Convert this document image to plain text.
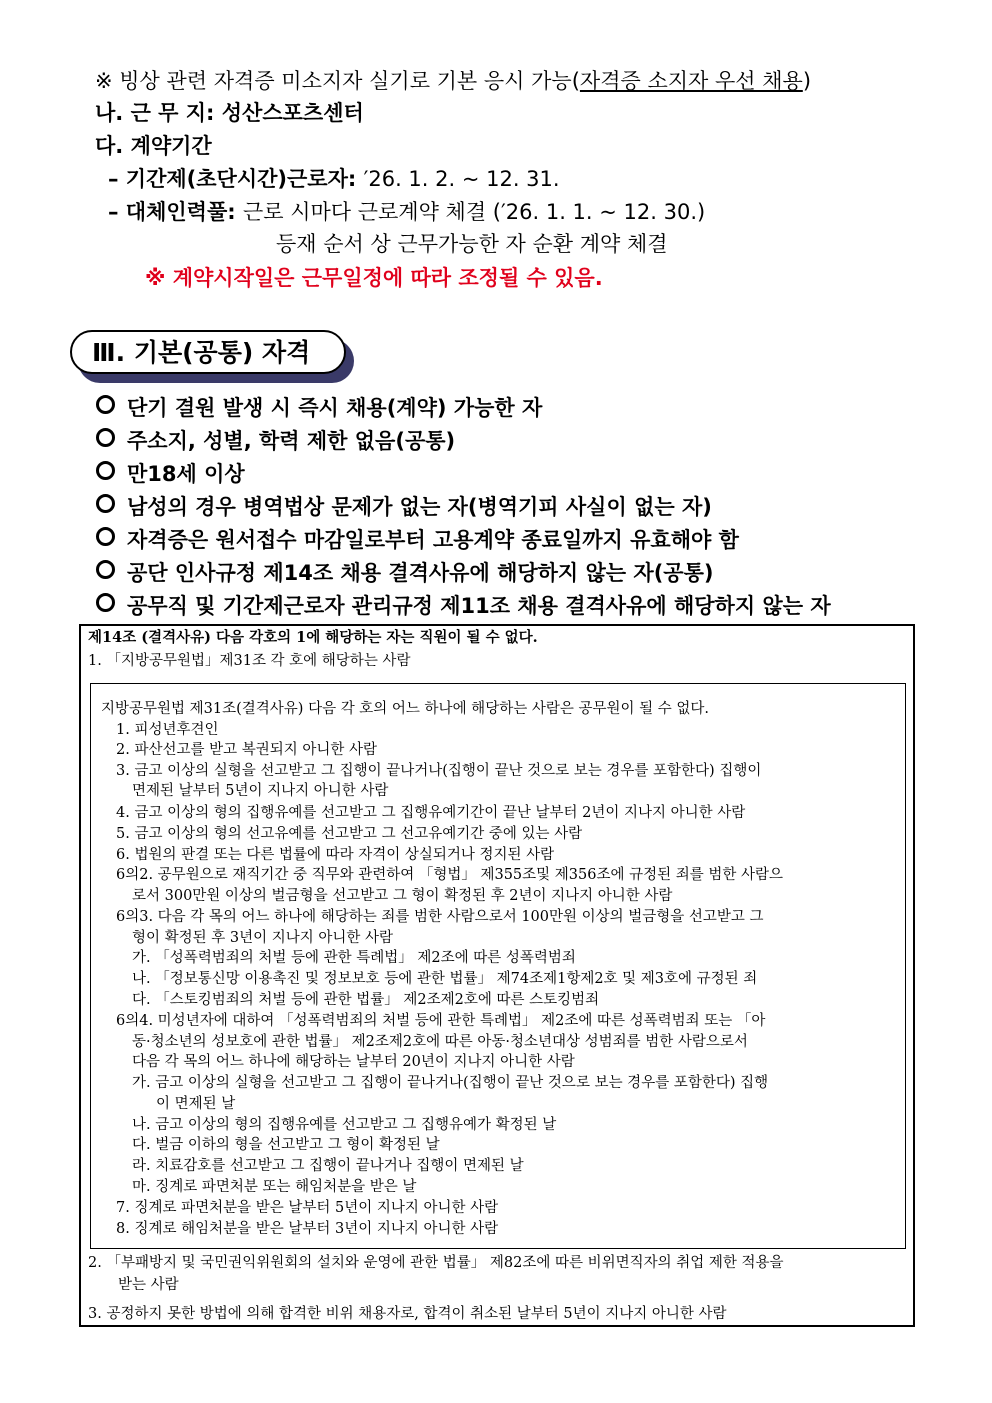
※ 빙상 관련 자격증 미소지자 실기로 기본 응시 가능(자격증 소지자 우선 채용)
나. 근 무 지: 성산스포츠센터
다. 계약기간
– 기간제(초단시간)근로자: ′26. 1. 2. ~ 12. 31.
– 대체인력풀: 근로 시마다 근로계약 체결 (′26. 1. 1. ~ 12. 30.)
등재 순서 상 근무가능한 자 순환 계약 체결
※ 계약시작일은 근무일정에 따라 조정될 수 있음.
Ⅲ. 기본(공통) 자격
단기 결원 발생 시 즉시 채용(계약) 가능한 자
주소지, 성별, 학력 제한 없음(공통)
만18세 이상
남성의 경우 병역법상 문제가 없는 자(병역기피 사실이 없는 자)
자격증은 원서접수 마감일로부터 고용계약 종료일까지 유효해야 함
공단 인사규정 제14조 채용 결격사유에 해당하지 않는 자(공통)
공무직 및 기간제근로자 관리규정 제11조 채용 결격사유에 해당하지 않는 자
제14조 (결격사유) 다음 각호의 1에 해당하는 자는 직원이 될 수 없다.
1. 「지방공무원법」제31조 각 호에 해당하는 사람
지방공무원법 제31조(결격사유) 다음 각 호의 어느 하나에 해당하는 사람은 공무원이 될 수 없다.
1. 피성년후견인
2. 파산선고를 받고 복권되지 아니한 사람
3. 금고 이상의 실형을 선고받고 그 집행이 끝나거나(집행이 끝난 것으로 보는 경우를 포함한다) 집행이
면제된 날부터 5년이 지나지 아니한 사람
4. 금고 이상의 형의 집행유예를 선고받고 그 집행유예기간이 끝난 날부터 2년이 지나지 아니한 사람
5. 금고 이상의 형의 선고유예를 선고받고 그 선고유예기간 중에 있는 사람
6. 법원의 판결 또는 다른 법률에 따라 자격이 상실되거나 정지된 사람
6의2. 공무원으로 재직기간 중 직무와 관련하여 「형법」 제355조및 제356조에 규정된 죄를 범한 사람으
로서 300만원 이상의 벌금형을 선고받고 그 형이 확정된 후 2년이 지나지 아니한 사람
6의3. 다음 각 목의 어느 하나에 해당하는 죄를 범한 사람으로서 100만원 이상의 벌금형을 선고받고 그
형이 확정된 후 3년이 지나지 아니한 사람
가. 「성폭력범죄의 처벌 등에 관한 특례법」 제2조에 따른 성폭력범죄
나. 「정보통신망 이용촉진 및 정보보호 등에 관한 법률」 제74조제1항제2호 및 제3호에 규정된 죄
다. 「스토킹범죄의 처벌 등에 관한 법률」 제2조제2호에 따른 스토킹범죄
6의4. 미성년자에 대하여 「성폭력범죄의 처벌 등에 관한 특례법」 제2조에 따른 성폭력범죄 또는 「아
동·청소년의 성보호에 관한 법률」 제2조제2호에 따른 아동·청소년대상 성범죄를 범한 사람으로서
다음 각 목의 어느 하나에 해당하는 날부터 20년이 지나지 아니한 사람
가. 금고 이상의 실형을 선고받고 그 집행이 끝나거나(집행이 끝난 것으로 보는 경우를 포함한다) 집행
이 면제된 날
나. 금고 이상의 형의 집행유예를 선고받고 그 집행유예가 확정된 날
다. 벌금 이하의 형을 선고받고 그 형이 확정된 날
라. 치료감호를 선고받고 그 집행이 끝나거나 집행이 면제된 날
마. 징계로 파면처분 또는 해임처분을 받은 날
7. 징계로 파면처분을 받은 날부터 5년이 지나지 아니한 사람
8. 징계로 해임처분을 받은 날부터 3년이 지나지 아니한 사람
2. 「부패방지 및 국민권익위원회의 설치와 운영에 관한 법률」 제82조에 따른 비위면직자의 취업 제한 적용을
받는 사람
3. 공정하지 못한 방법에 의해 합격한 비위 채용자로, 합격이 취소된 날부터 5년이 지나지 아니한 사람
